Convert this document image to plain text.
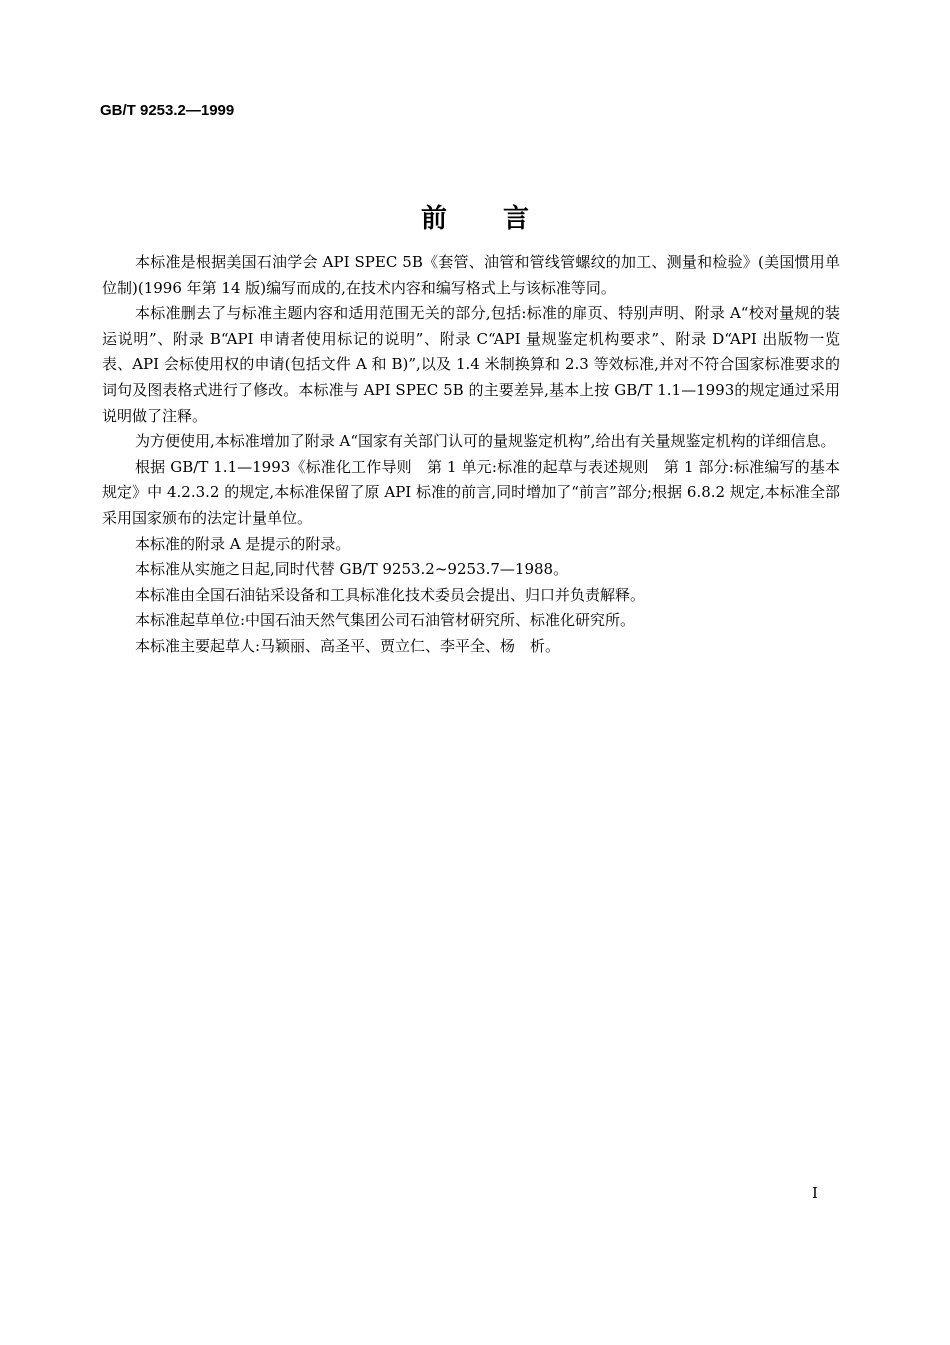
GB/T 9253.2—1999
前 言

本标准是根据美国石油学会 API SPEC 5B《套管、油管和管线管螺纹的加工、测量和检验》(美国惯用单位制)(1996 年第 14 版)编写而成的,在技术内容和编写格式上与该标准等同。

本标准删去了与标准主题内容和适用范围无关的部分,包括:标准的扉页、特别声明、附录 A“校对量规的装运说明”、附录 B“API 申请者使用标记的说明”、附录 C“API 量规鉴定机构要求”、附录 D“API 出版物一览表、API 会标使用权的申请(包括文件 A 和 B)”,以及 1.4 米制换算和 2.3 等效标准,并对不符合国家标准要求的词句及图表格式进行了修改。本标准与 API SPEC 5B 的主要差异,基本上按 GB/T 1.1—1993的规定通过采用说明做了注释。

为方便使用,本标准增加了附录 A“国家有关部门认可的量规鉴定机构”,给出有关量规鉴定机构的详细信息。

根据 GB/T 1.1—1993《标准化工作导则　第 1 单元:标准的起草与表述规则　第 1 部分:标准编写的基本规定》中 4.2.3.2 的规定,本标准保留了原 API 标准的前言,同时增加了“前言”部分;根据 6.8.2 规定,本标准全部采用国家颁布的法定计量单位。

本标准的附录 A 是提示的附录。

本标准从实施之日起,同时代替 GB/T 9253.2~9253.7—1988。

本标准由全国石油钻采设备和工具标准化技术委员会提出、归口并负责解释。

本标准起草单位:中国石油天然气集团公司石油管材研究所、标准化研究所。

本标准主要起草人:马颖丽、高圣平、贾立仁、李平全、杨　析。

I
